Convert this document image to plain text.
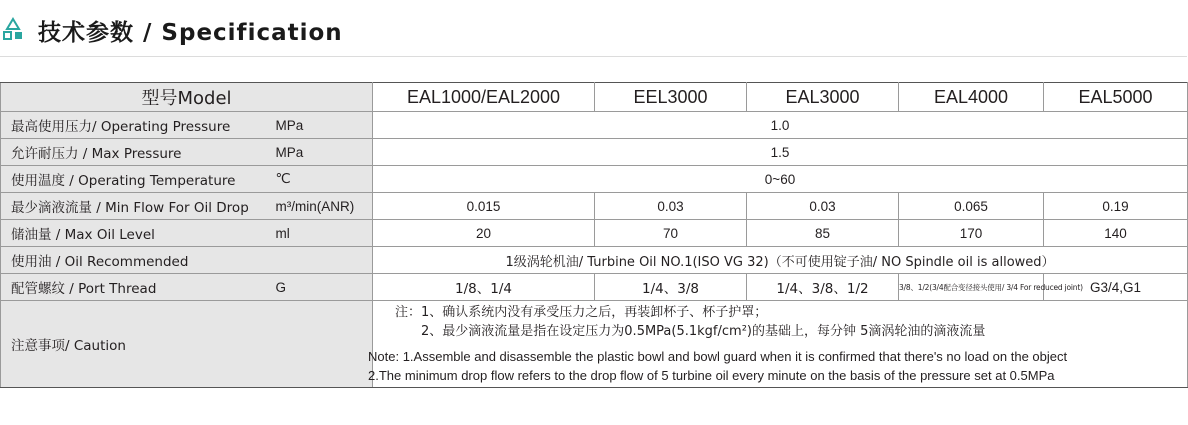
技术参数 / Specification
型号Model		EAL1000/EAL2000	EEL3000	EAL3000	EAL4000	EAL5000
最高使用压力/ Operating Pressure	MPa	1.0				
允许耐压力 / Max Pressure	MPa	1.5				
使用温度 / Operating Temperature	℃	0~60				
最少滴液流量 / Min Flow For Oil Drop	m³/min(ANR)	0.015	0.03	0.03	0.065	0.19
储油量 / Max Oil Level	ml	20	70	85	170	140
使用油 / Oil Recommended		1级涡轮机油/ Turbine Oil NO.1(ISO VG 32)（不可使用锭子油/ NO Spindle oil is allowed）				
配管螺纹 / Port Thread	G	1/8、1/4	1/4、3/8	1/4、3/8、1/2	3/8、1/2(3/4配合变径接头使用/ 3/4 For reduced joint)	G3/4,G1
注意事项/ Caution		注：1、确认系统内没有承受压力之后，再装卸杯子、杯子护罩；
2、最少滴液流量是指在设定压力为0.5MPa(5.1kgf/cm²)的基础上，每分钟 5滴涡轮油的滴液流量
Note: 1.Assemble and disassemble the plastic bowl and bowl guard when it is confirmed that there's no load on the object
2.The minimum drop flow refers to the drop flow of 5 turbine oil every minute on the basis of the pressure set at 0.5MPa				
